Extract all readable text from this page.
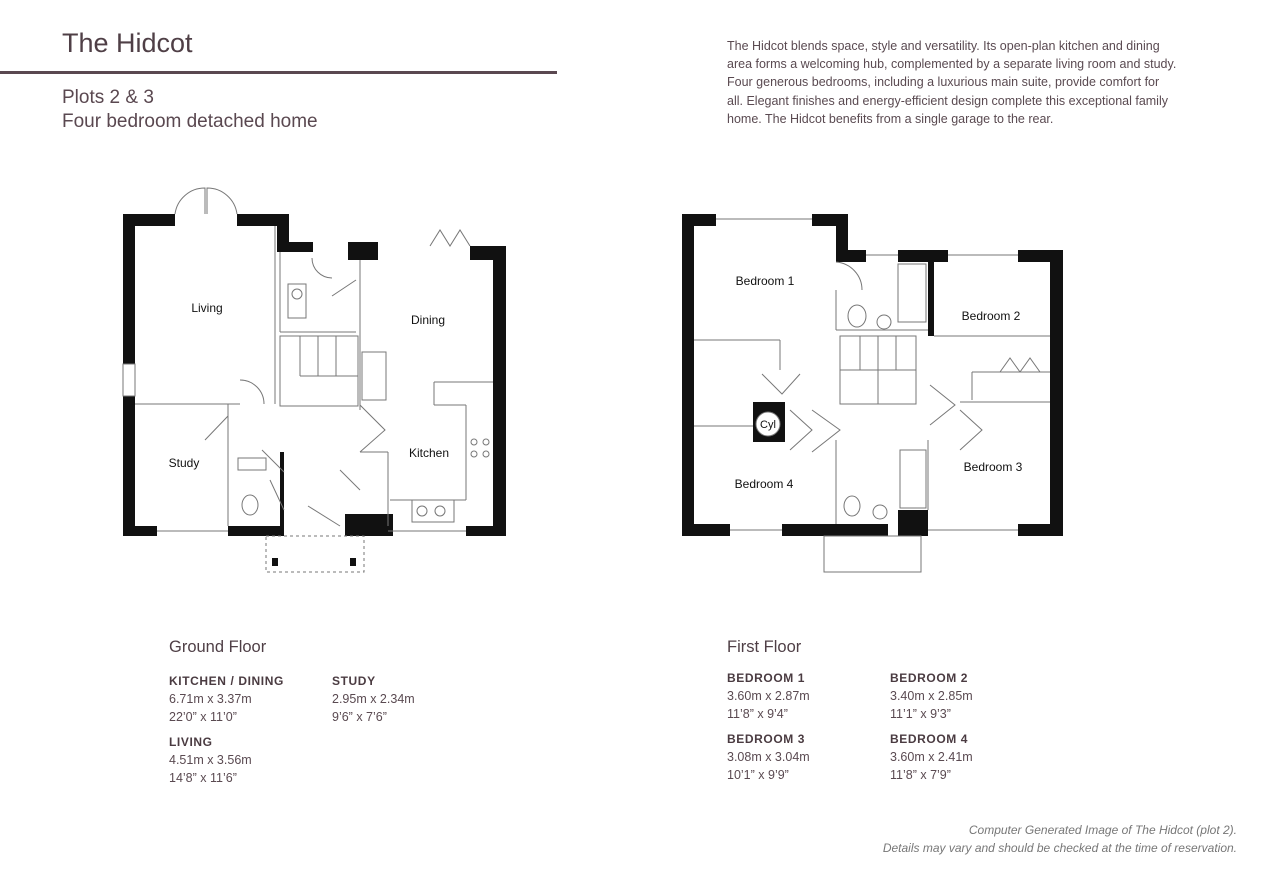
The Hidcot
Plots 2 & 3
Four bedroom detached home
The Hidcot blends space, style and versatility. Its open-plan kitchen and dining area forms a welcoming hub, complemented by a separate living room and study. Four generous bedrooms, including a luxurious main suite, provide comfort for all. Elegant finishes and energy-efficient design complete this exceptional family home. The Hidcot benefits from a single garage to the rear.
Living
Dining
Kitchen
Study
Bedroom 1
Bedroom 2
Bedroom 3
Bedroom 4
Cyl
Ground Floor
KITCHEN / DINING
6.71m x 3.37m
22’0” x 11’0”
STUDY
2.95m x 2.34m
9’6” x 7’6”
LIVING
4.51m x 3.56m
14’8” x 11’6”
First Floor
BEDROOM 1
3.60m x 2.87m
11’8” x 9’4”
BEDROOM 2
3.40m x 2.85m
11’1” x 9’3”
BEDROOM 3
3.08m x 3.04m
10’1” x 9’9”
BEDROOM 4
3.60m x 2.41m
11’8” x 7’9”
Computer Generated Image of The Hidcot (plot 2).
Details may vary and should be checked at the time of reservation.
